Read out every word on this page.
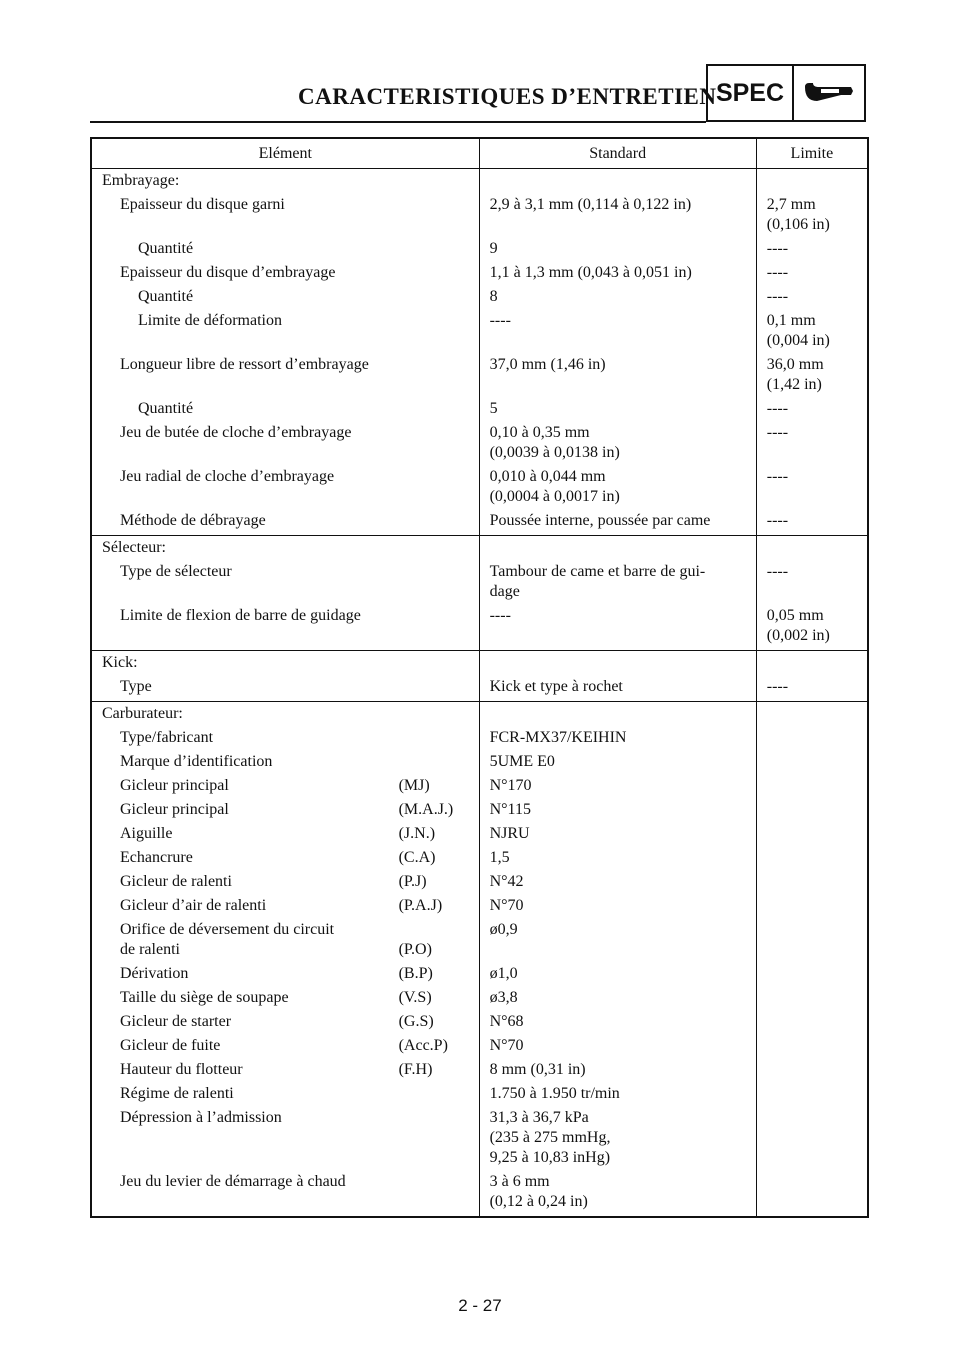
CARACTERISTIQUES D’ENTRETIEN SPEC
Elément	Standard	Limite
Embrayage:		
Epaisseur du disque garni	2,9 à 3,1 mm (0,114 à 0,122 in)	2,7 mm
(0,106 in)
Quantité	9	----
Epaisseur du disque d’embrayage	1,1 à 1,3 mm (0,043 à 0,051 in)	----
Quantité	8	----
Limite de déformation	----	0,1 mm
(0,004 in)
Longueur libre de ressort d’embrayage	37,0 mm (1,46 in)	36,0 mm
(1,42 in)
Quantité	5	----
Jeu de butée de cloche d’embrayage	0,10 à 0,35 mm
(0,0039 à 0,0138 in)	----
Jeu radial de cloche d’embrayage	0,010 à 0,044 mm
(0,0004 à 0,0017 in)	----
Méthode de débrayage	Poussée interne, poussée par came	----
Sélecteur:		
Type de sélecteur	Tambour de came et barre de gui-
dage	----
Limite de flexion de barre de guidage	----	0,05 mm
(0,002 in)
Kick:		
Type	Kick et type à rochet	----
Carburateur:		

Type/fabricant	FCR-MX37/KEIHIN	

Marque d’identification	5UME E0	

Gicleur principal (MJ)	N°170	

Gicleur principal (M.A.J.)	N°115	

Aiguille (J.N.)	NJRU	

Echancrure (C.A)	1,5	

Gicleur de ralenti (P.J)	N°42	

Gicleur d’air de ralenti (P.A.J)	N°70	

Orifice de déversement du circuit
de ralenti
(P.O)	ø0,9	

Dérivation (B.P)	ø1,0	

Taille du siège de soupape (V.S)	ø3,8	

Gicleur de starter (G.S)	N°68	

Gicleur de fuite (Acc.P)	N°70	

Hauteur du flotteur (F.H)	8 mm (0,31 in)	

Régime de ralenti	1.750 à 1.950 tr/min	

Dépression à l’admission	31,3 à 36,7 kPa
(235 à 275 mmHg,
9,25 à 10,83 inHg)	

Jeu du levier de démarrage à chaud	3 à 6 mm
(0,12 à 0,24 in)	
2 - 27
